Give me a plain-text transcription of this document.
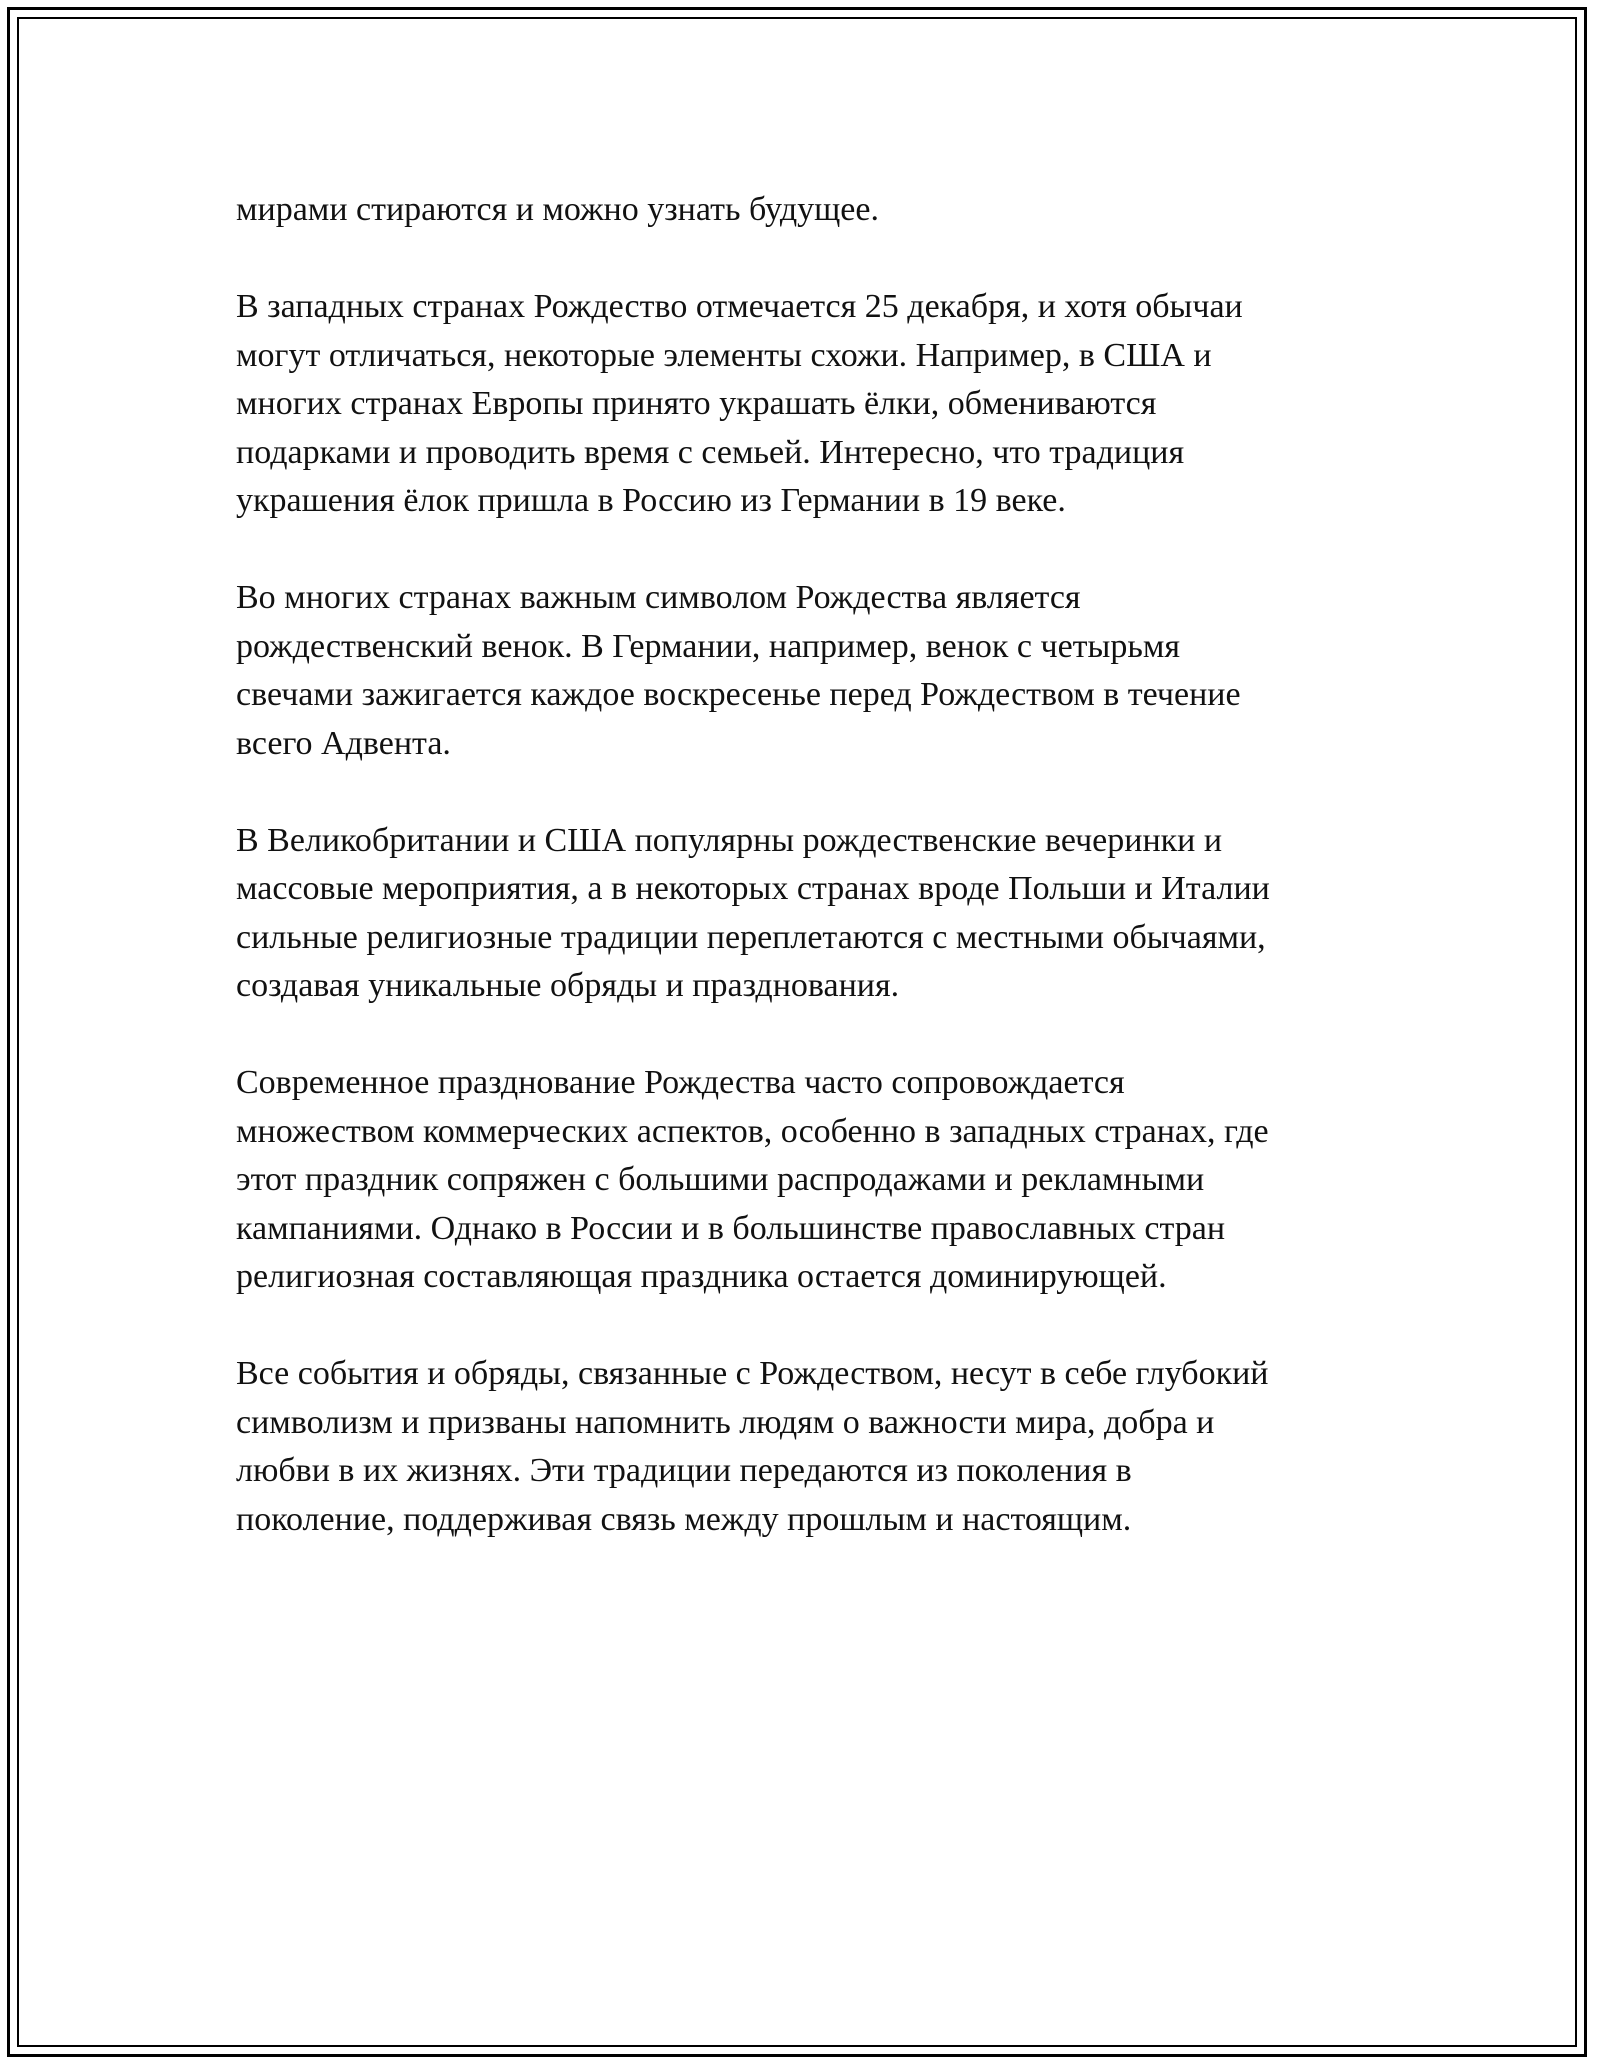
мирами стираются и можно узнать будущее.

В западных странах Рождество отмечается 25 декабря, и хотя обычаи
могут отличаться, некоторые элементы схожи. Например, в США и
многих странах Европы принято украшать ёлки, обмениваются
подарками и проводить время с семьей. Интересно, что традиция
украшения ёлок пришла в Россию из Германии в 19 веке.

Во многих странах важным символом Рождества является
рождественский венок. В Германии, например, венок с четырьмя
свечами зажигается каждое воскресенье перед Рождеством в течение
всего Адвента.

В Великобритании и США популярны рождественские вечеринки и
массовые мероприятия, а в некоторых странах вроде Польши и Италии
сильные религиозные традиции переплетаются с местными обычаями,
создавая уникальные обряды и празднования.

Современное празднование Рождества часто сопровождается
множеством коммерческих аспектов, особенно в западных странах, где
этот праздник сопряжен с большими распродажами и рекламными
кампаниями. Однако в России и в большинстве православных стран
религиозная составляющая праздника остается доминирующей.

Все события и обряды, связанные с Рождеством, несут в себе глубокий
символизм и призваны напомнить людям о важности мира, добра и
любви в их жизнях. Эти традиции передаются из поколения в
поколение, поддерживая связь между прошлым и настоящим.
